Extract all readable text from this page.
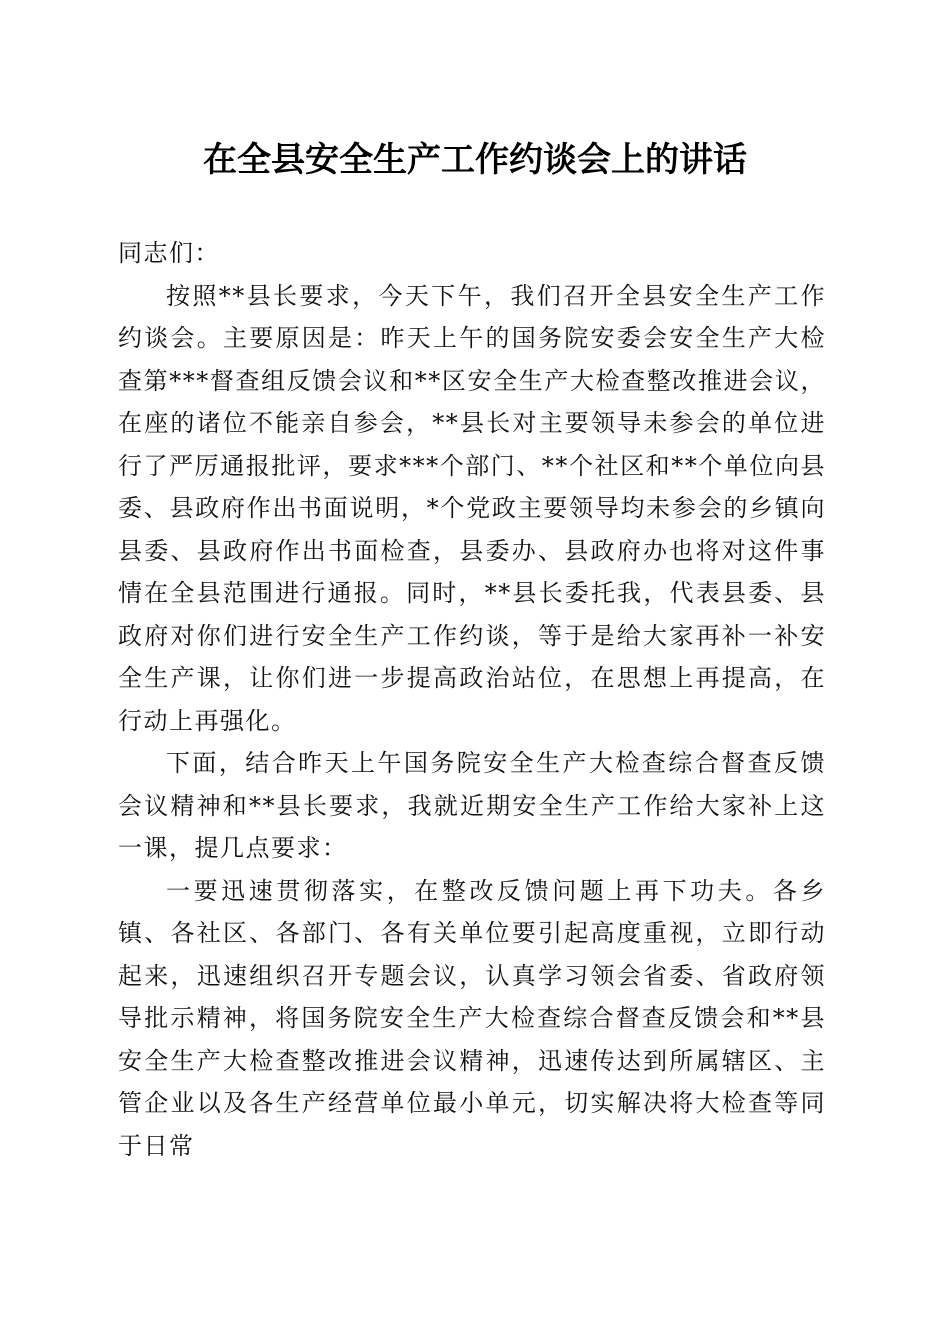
在全县安全生产工作约谈会上的讲话

同志们：

按照**县长要求，今天下午，我们召开全县安全生产工作约谈会。主要原因是：昨天上午的国务院安委会安全生产大检查第***督查组反馈会议和**区安全生产大检查整改推进会议，在座的诸位不能亲自参会，**县长对主要领导未参会的单位进行了严厉通报批评，要求***个部门、**个社区和**个单位向县委、县政府作出书面说明，*个党政主要领导均未参会的乡镇向县委、县政府作出书面检查，县委办、县政府办也将对这件事情在全县范围进行通报。同时，**县长委托我，代表县委、县政府对你们进行安全生产工作约谈，等于是给大家再补一补安全生产课，让你们进一步提高政治站位，在思想上再提高，在行动上再强化。

下面，结合昨天上午国务院安全生产大检查综合督查反馈会议精神和**县长要求，我就近期安全生产工作给大家补上这一课，提几点要求：

一要迅速贯彻落实，在整改反馈问题上再下功夫。各乡镇、各社区、各部门、各有关单位要引起高度重视，立即行动起来，迅速组织召开专题会议，认真学习领会省委、省政府领导批示精神，将国务院安全生产大检查综合督查反馈会和**县安全生产大检查整改推进会议精神，迅速传达到所属辖区、主管企业以及各生产经营单位最小单元，切实解决将大检查等同于日常
